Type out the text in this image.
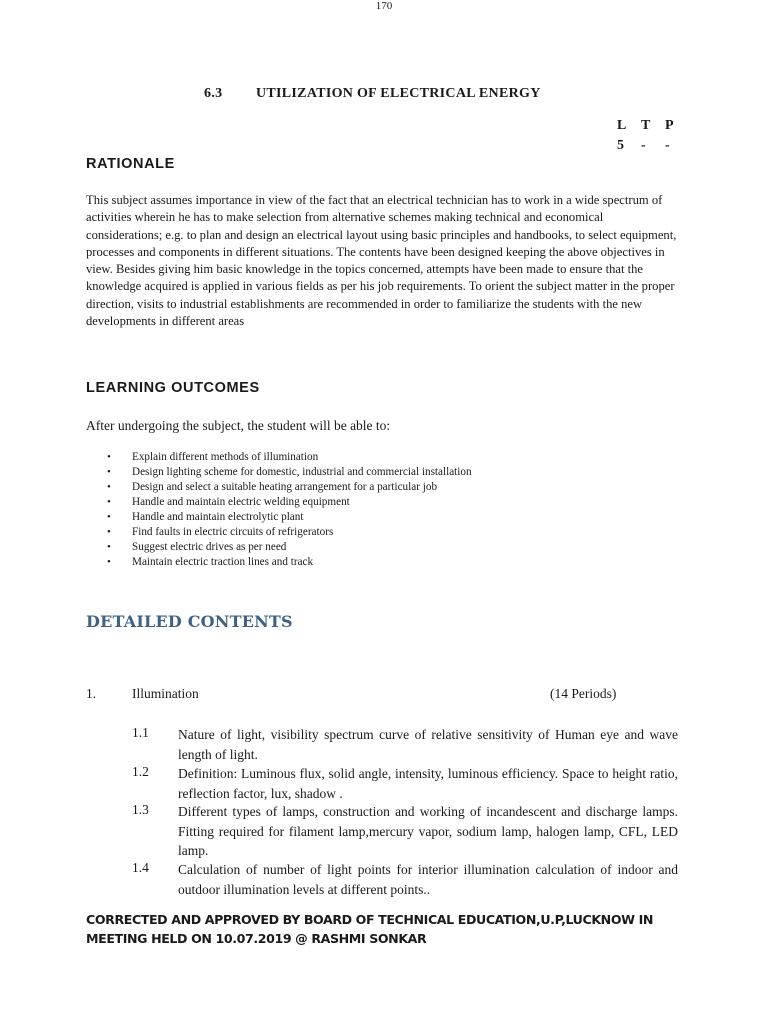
170
6.3 UTILIZATION OF ELECTRICAL ENERGY
L	T	P
5	-	-
RATIONALE
This subject assumes importance in view of the fact that an electrical technician has to work in a wide spectrum of activities wherein he has to make selection from alternative schemes making technical and economical considerations; e.g. to plan and design an electrical layout using basic principles and handbooks, to select equipment, processes and components in different situations. The contents have been designed keeping the above objectives in view. Besides giving him basic knowledge in the topics concerned, attempts have been made to ensure that the knowledge acquired is applied in various fields as per his job requirements. To orient the subject matter in the proper direction, visits to industrial establishments are recommended in order to familiarize the students with the new developments in different areas
LEARNING OUTCOMES
After undergoing the subject, the student will be able to:
• Explain different methods of illumination
• Design lighting scheme for domestic, industrial and commercial installation
• Design and select a suitable heating arrangement for a particular job
• Handle and maintain electric welding equipment
• Handle and maintain electrolytic plant
• Find faults in electric circuits of refrigerators
• Suggest electric drives as per need
• Maintain electric traction lines and track
DETAILED CONTENTS
1.	Illumination	(14 Periods)
1.1 Nature of light, visibility spectrum curve of relative sensitivity of Human eye and wave length of light.
1.2 Definition: Luminous flux, solid angle, intensity, luminous efficiency. Space to height ratio, reflection factor, lux, shadow .
1.3 Different types of lamps, construction and working of incandescent and discharge lamps. Fitting required for filament lamp,mercury vapor, sodium lamp, halogen lamp, CFL, LED lamp.
1.4 Calculation of number of light points for interior illumination calculation of indoor and outdoor illumination levels at different points..
CORRECTED AND APPROVED BY BOARD OF TECHNICAL EDUCATION,U.P,LUCKNOW IN
MEETING HELD ON 10.07.2019 @ RASHMI SONKAR
